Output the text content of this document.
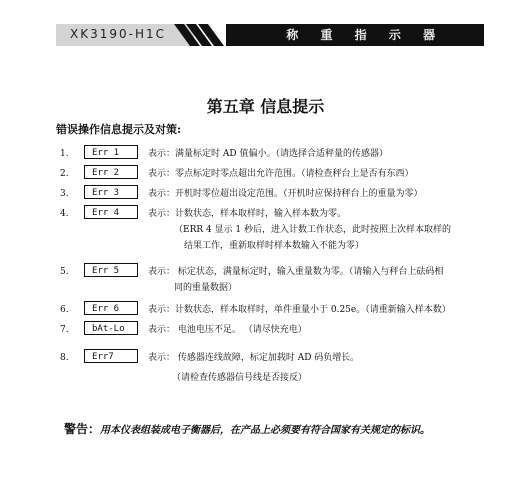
XK3190-H1C	称 重 指 示 器
第五章 信息提示
错误操作信息提示及对策:
1.	Err 1	表示：满量标定时 AD 值偏小。（请选择合适秤量的传感器）
2.	Err 2	表示：零点标定时零点超出允许范围。（请检查秤台上是否有东西）
3.	Err 3	表示：开机时零位超出设定范围。（开机时应保持秤台上的重量为零）
4.	Err 4	表示：计数状态，样本取样时，输入样本数为零。
（ERR 4 显示 1 秒后，进入计数工作状态，此时按照上次样本取样的
结果工作，重新取样时样本数输入不能为零）
5.	Err 5	表示： 标定状态，满量标定时，输入重量数为零。（请输入与秤台上砝码相
同的重量数据）
6.	Err 6	表示：计数状态，样本取样时，单件重量小于 0.25e。（请重新输入样本数）
7.	bAt-Lo	表示： 电池电压不足。 （请尽快充电）
8.	Err7	表示： 传感器连线故障，标定加载时 AD 码负增长。
（请检查传感器信号线是否接反）
警告：用本仪表组装成电子衡器后，在产品上必须要有符合国家有关规定的标识。
